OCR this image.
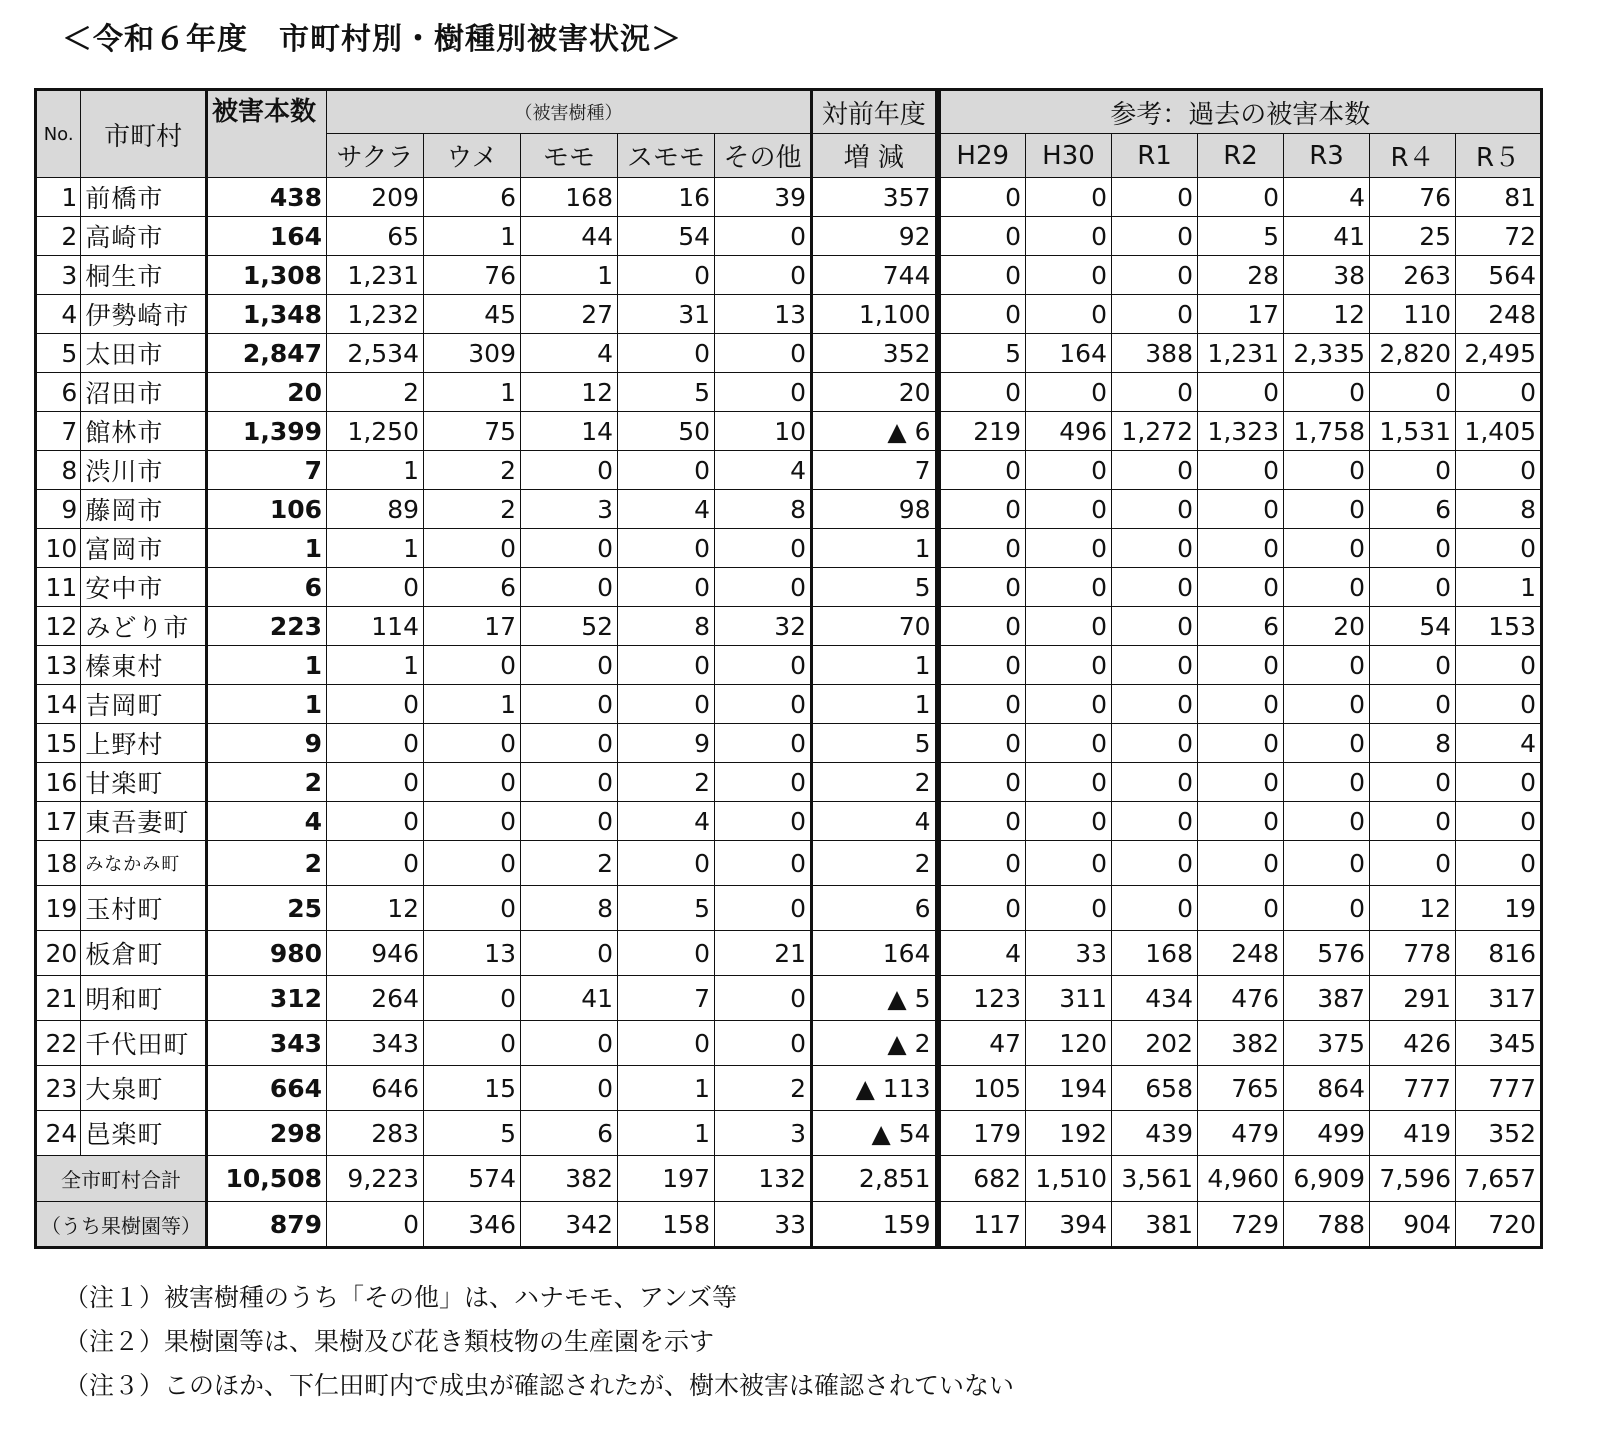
＜令和６年度　市町村別・樹種別被害状況＞
No.	市町村	被害本数	（被害樹種）					対前年度	参考：過去の被害本数						
			サクラ	ウメ	モモ	スモモ	その他	増 減	H29	H30	R1	R2	R3	R４	R５
1	前橋市	438	209	6	168	16	39	357	0	0	0	0	4	76	81
2	高崎市	164	65	1	44	54	0	92	0	0	0	5	41	25	72
3	桐生市	1,308	1,231	76	1	0	0	744	0	0	0	28	38	263	564
4	伊勢崎市	1,348	1,232	45	27	31	13	1,100	0	0	0	17	12	110	248
5	太田市	2,847	2,534	309	4	0	0	352	5	164	388	1,231	2,335	2,820	2,495
6	沼田市	20	2	1	12	5	0	20	0	0	0	0	0	0	0
7	館林市	1,399	1,250	75	14	50	10	▲ 6	219	496	1,272	1,323	1,758	1,531	1,405
8	渋川市	7	1	2	0	0	4	7	0	0	0	0	0	0	0
9	藤岡市	106	89	2	3	4	8	98	0	0	0	0	0	6	8
10	富岡市	1	1	0	0	0	0	1	0	0	0	0	0	0	0
11	安中市	6	0	6	0	0	0	5	0	0	0	0	0	0	1
12	みどり市	223	114	17	52	8	32	70	0	0	0	6	20	54	153
13	榛東村	1	1	0	0	0	0	1	0	0	0	0	0	0	0
14	吉岡町	1	0	1	0	0	0	1	0	0	0	0	0	0	0
15	上野村	9	0	0	0	9	0	5	0	0	0	0	0	8	4
16	甘楽町	2	0	0	0	2	0	2	0	0	0	0	0	0	0
17	東吾妻町	4	0	0	0	4	0	4	0	0	0	0	0	0	0
18	みなかみ町	2	0	0	2	0	0	2	0	0	0	0	0	0	0
19	玉村町	25	12	0	8	5	0	6	0	0	0	0	0	12	19
20	板倉町	980	946	13	0	0	21	164	4	33	168	248	576	778	816
21	明和町	312	264	0	41	7	0	▲ 5	123	311	434	476	387	291	317
22	千代田町	343	343	0	0	0	0	▲ 2	47	120	202	382	375	426	345
23	大泉町	664	646	15	0	1	2	▲ 113	105	194	658	765	864	777	777
24	邑楽町	298	283	5	6	1	3	▲ 54	179	192	439	479	499	419	352
全市町村合計		10,508	9,223	574	382	197	132	2,851	682	1,510	3,561	4,960	6,909	7,596	7,657
（うち果樹園等）		879	0	346	342	158	33	159	117	394	381	729	788	904	720
（注１）被害樹種のうち「その他」は、ハナモモ、アンズ等
（注２）果樹園等は、果樹及び花き類枝物の生産園を示す
（注３）このほか、下仁田町内で成虫が確認されたが、樹木被害は確認されていない
